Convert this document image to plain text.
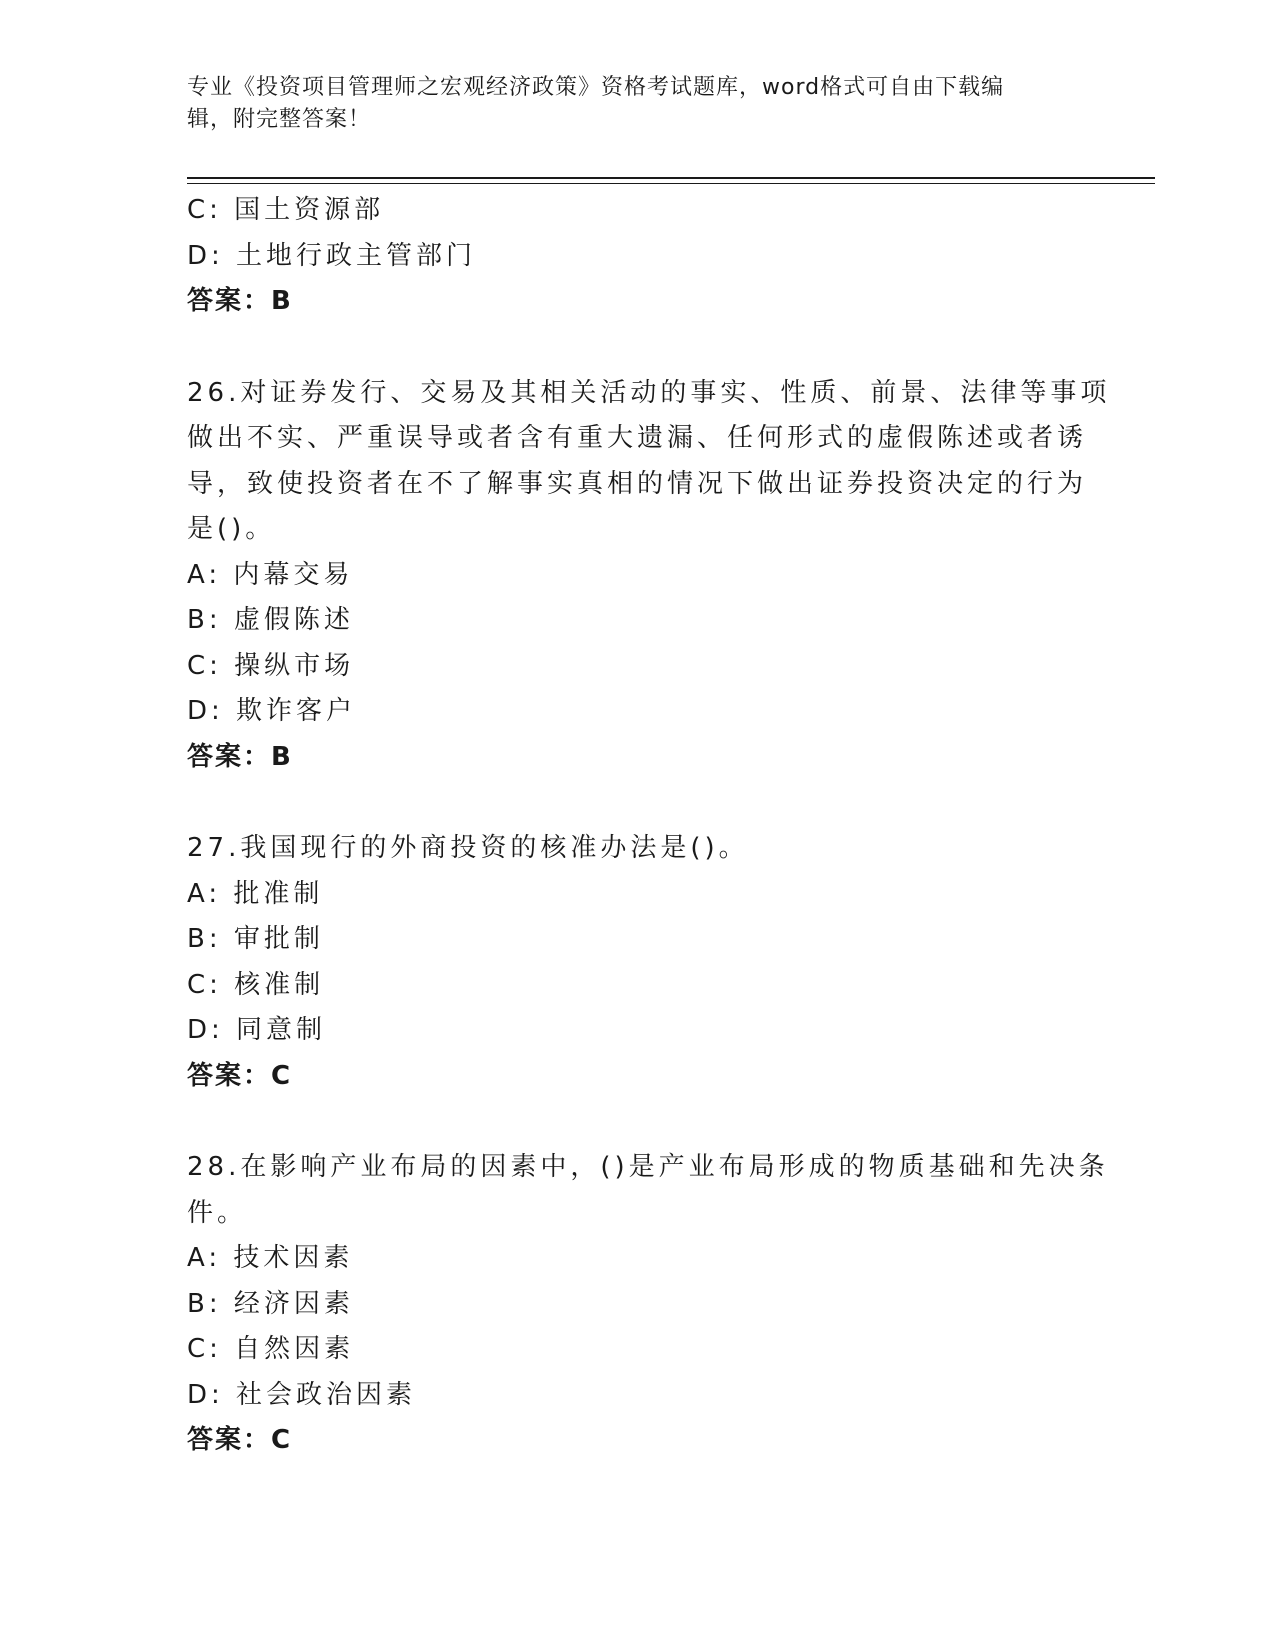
专业《投资项目管理师之宏观经济政策》资格考试题库，word格式可自由下载编
辑，附完整答案！
C: 国土资源部
D: 土地行政主管部门
答案：B
26.对证券发行、交易及其相关活动的事实、性质、前景、法律等事项
做出不实、严重误导或者含有重大遗漏、任何形式的虚假陈述或者诱
导，致使投资者在不了解事实真相的情况下做出证券投资决定的行为
是()。
A: 内幕交易
B: 虚假陈述
C: 操纵市场
D: 欺诈客户
答案：B
27.我国现行的外商投资的核准办法是()。
A: 批准制
B: 审批制
C: 核准制
D: 同意制
答案：C
28.在影响产业布局的因素中，()是产业布局形成的物质基础和先决条
件。
A: 技术因素
B: 经济因素
C: 自然因素
D: 社会政治因素
答案：C
